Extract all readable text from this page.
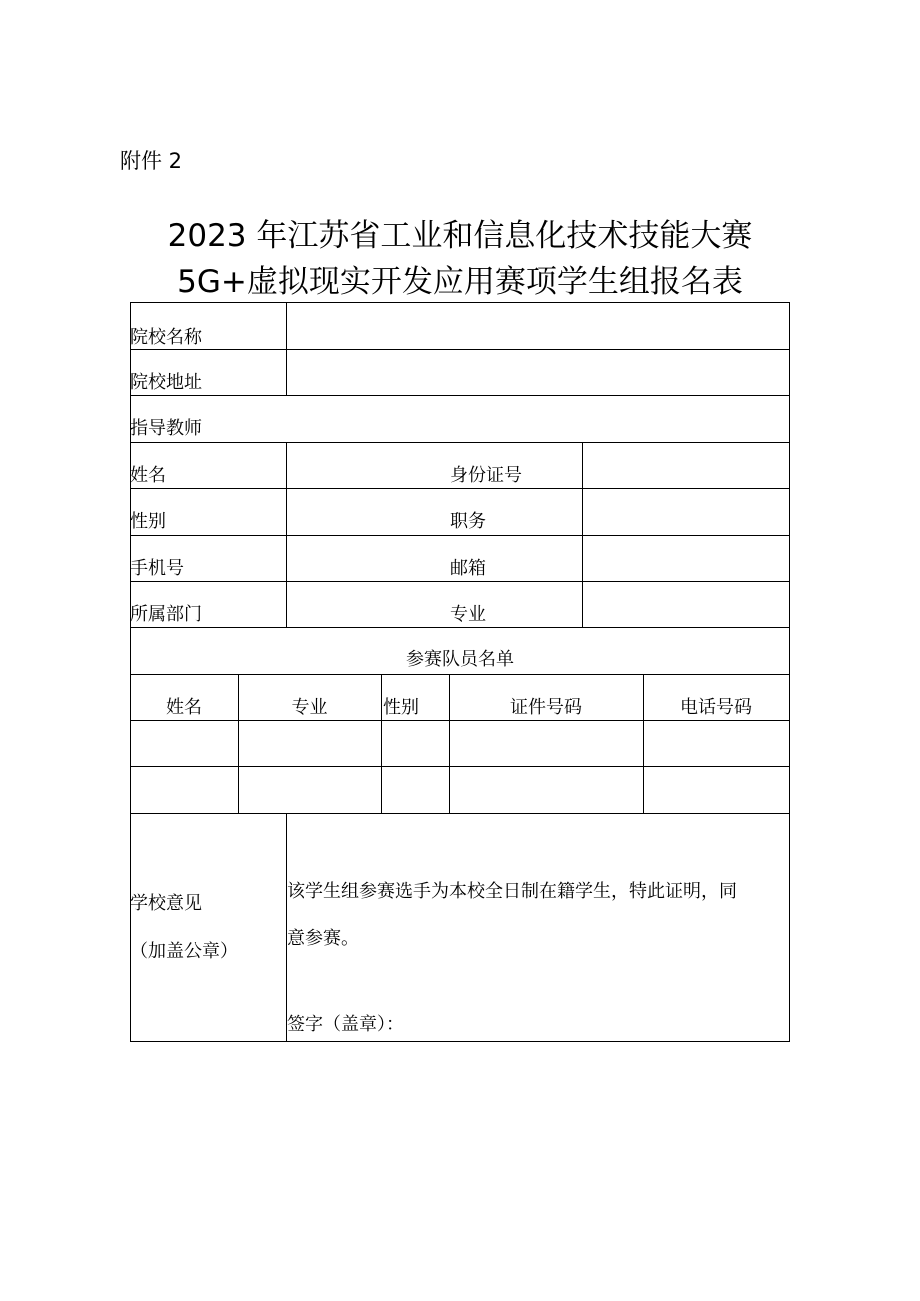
附件 2
2023 年江苏省工业和信息化技术技能大赛
5G+虚拟现实开发应用赛项学生组报名表
院校名称
院校地址
指导教师
姓名	身份证号
性别	职务
手机号	邮箱
所属部门	专业
参赛队员名单
姓名	专业	性别	证件号码	电话号码
学校意见
（加盖公章）
该学生组参赛选手为本校全日制在籍学生，特此证明，同
意参赛。
签字（盖章）：
